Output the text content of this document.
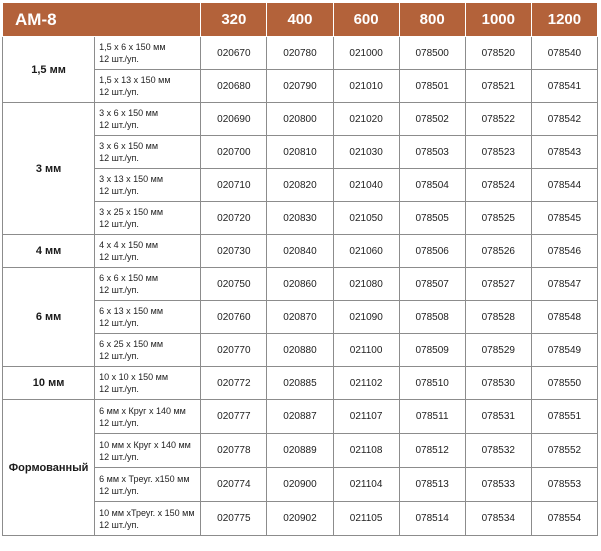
АМ-8		320	400	600	800	1000	1200
1,5 мм	1,5 x 6 x 150 мм
12 шт./уп.	020670	020780	021000	078500	078520	078540

	1,5 x 13 x 150 мм
12 шт./уп.	020680	020790	021010	078501	078521	078541
3 мм	3 x 6 x 150 мм
12 шт./уп.	020690	020800	021020	078502	078522	078542

	3 x 6 x 150 мм
12 шт./уп.	020700	020810	021030	078503	078523	078543

	3 x 13 x 150 мм
12 шт./уп.	020710	020820	021040	078504	078524	078544

	3 x 25 x 150 мм
12 шт./уп.	020720	020830	021050	078505	078525	078545
4 мм	4 x 4 x 150 мм
12 шт./уп.	020730	020840	021060	078506	078526	078546
6 мм	6 x 6 x 150 мм
12 шт./уп.	020750	020860	021080	078507	078527	078547

	6 x 13 x 150 мм
12 шт./уп.	020760	020870	021090	078508	078528	078548

	6 x 25 x 150 мм
12 шт./уп.	020770	020880	021100	078509	078529	078549
10 мм	10 x 10 x 150 мм
12 шт./уп.	020772	020885	021102	078510	078530	078550
Формованный	6 мм x Круг x 140 мм
12 шт./уп.	020777	020887	021107	078511	078531	078551

	10 мм x Круг x 140 мм
12 шт./уп.	020778	020889	021108	078512	078532	078552

	6 мм x Треуг. x150 мм
12 шт./уп.	020774	020900	021104	078513	078533	078553

	10 мм xТреуг. x 150 мм
12 шт./уп.	020775	020902	021105	078514	078534	078554
